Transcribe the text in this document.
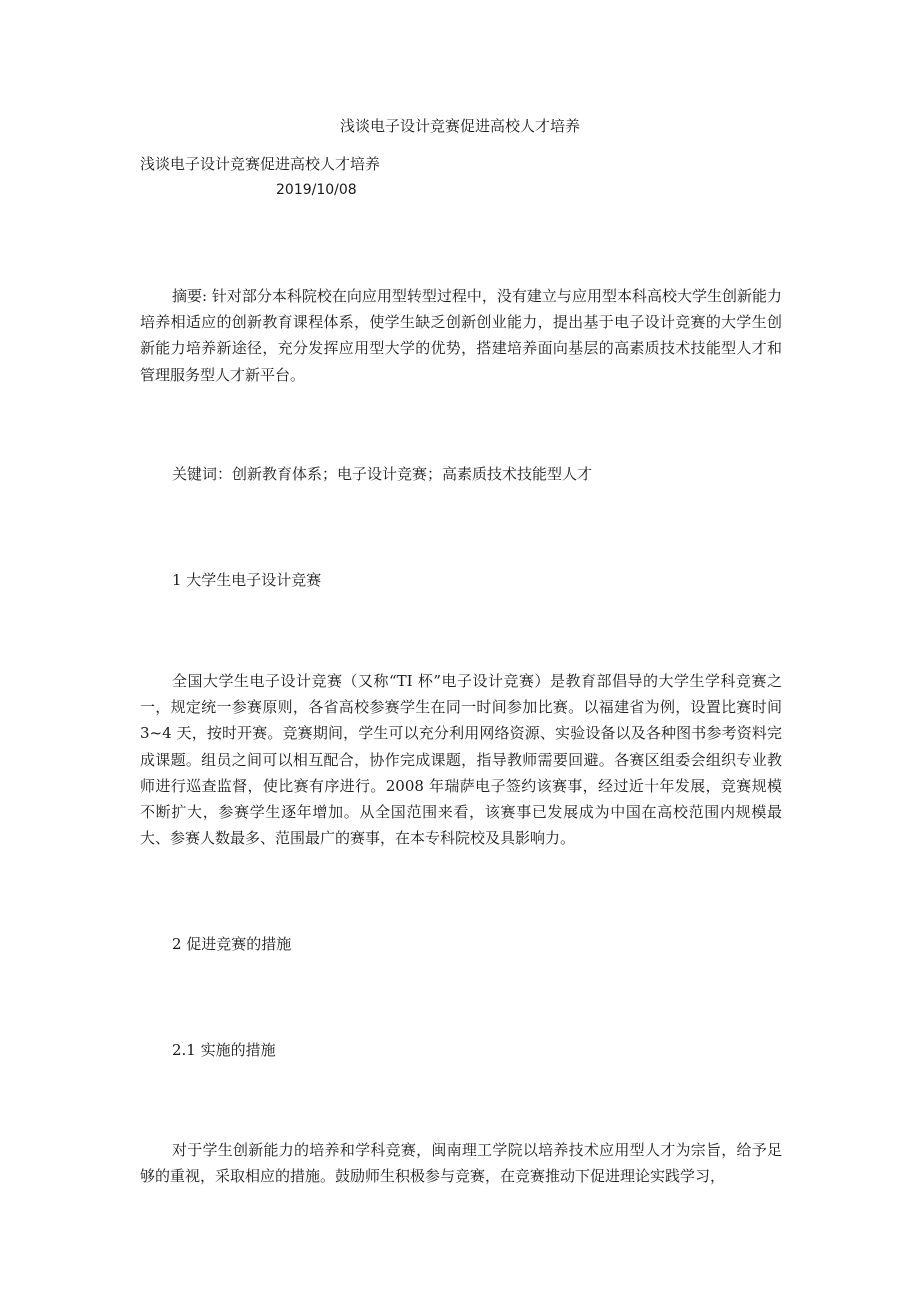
浅谈电子设计竞赛促进高校人才培养
浅谈电子设计竞赛促进高校人才培养
2019/10/08

摘要: 针对部分本科院校在向应用型转型过程中，没有建立与应用型本科高校大学生创新能力培养相适应的创新教育课程体系，使学生缺乏创新创业能力，提出基于电子设计竞赛的大学生创新能力培养新途径，充分发挥应用型大学的优势，搭建培养面向基层的高素质技术技能型人才和管理服务型人才新平台。

关键词：创新教育体系；电子设计竞赛；高素质技术技能型人才
1 大学生电子设计竞赛

全国大学生电子设计竞赛（又称“TI 杯”电子设计竞赛）是教育部倡导的大学生学科竞赛之一，规定统一参赛原则，各省高校参赛学生在同一时间参加比赛。以福建省为例，设置比赛时间 3~4 天，按时开赛。竞赛期间，学生可以充分利用网络资源、实验设备以及各种图书参考资料完成课题。组员之间可以相互配合，协作完成课题，指导教师需要回避。各赛区组委会组织专业教师进行巡查监督，使比赛有序进行。2008 年瑞萨电子签约该赛事，经过近十年发展，竞赛规模不断扩大，参赛学生逐年增加。从全国范围来看，该赛事已发展成为中国在高校范围内规模最大、参赛人数最多、范围最广的赛事，在本专科院校及具影响力。

2 促进竞赛的措施
2.1 实施的措施

对于学生创新能力的培养和学科竞赛，闽南理工学院以培养技术应用型人才为宗旨，给予足够的重视，采取相应的措施。鼓励师生积极参与竞赛，在竞赛推动下促进理论实践学习，
